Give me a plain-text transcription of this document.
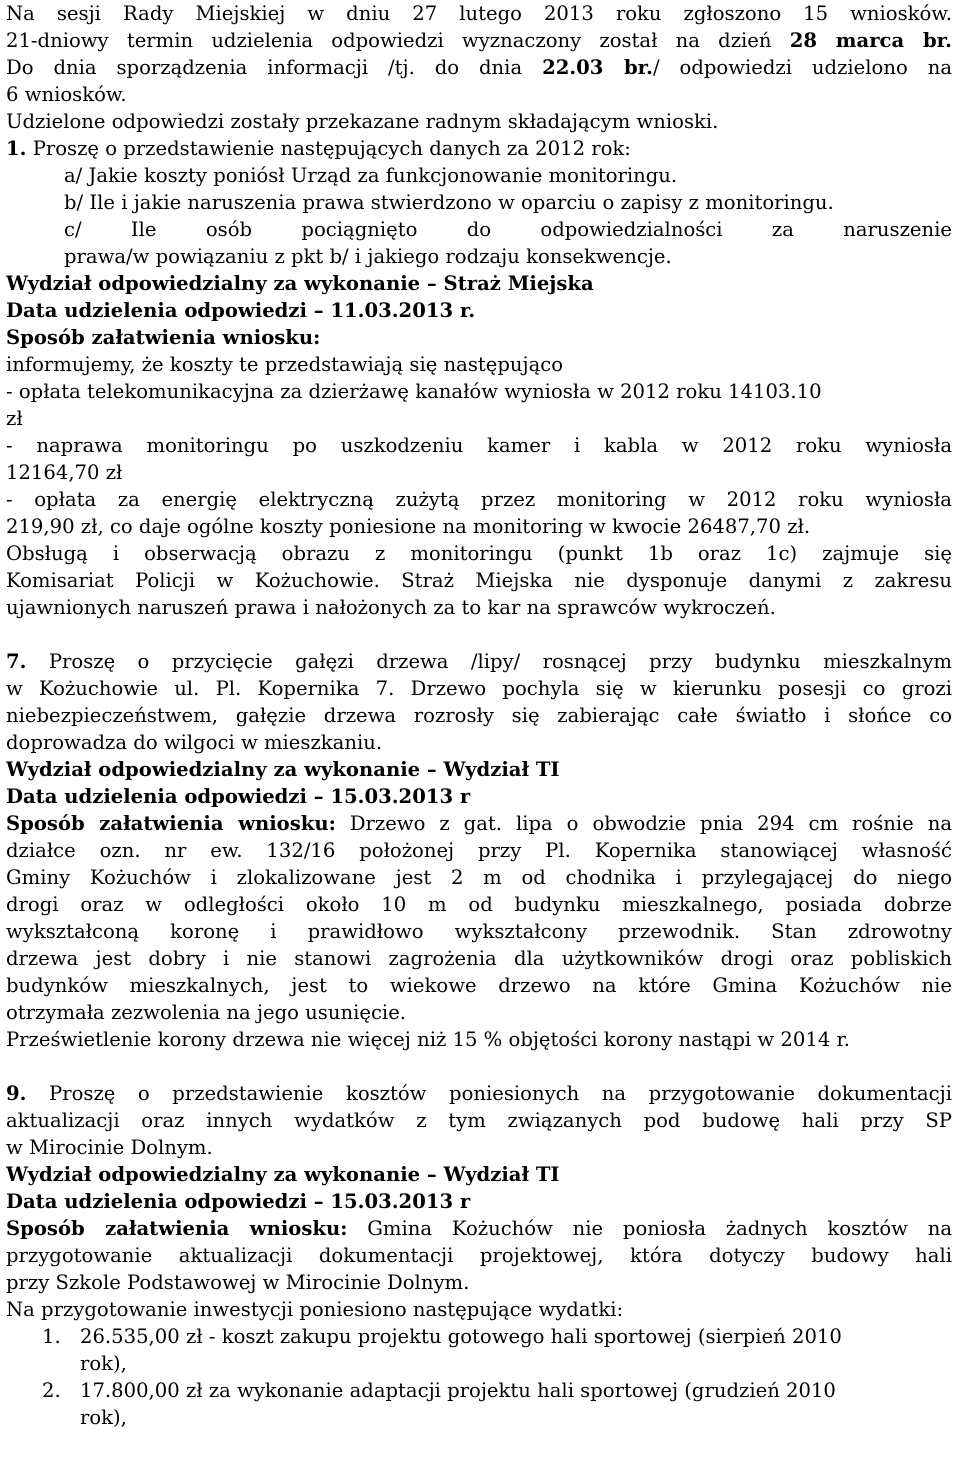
Na sesji Rady Miejskiej w dniu 27 lutego 2013 roku zgłoszono 15 wniosków.
21-dniowy termin udzielenia odpowiedzi wyznaczony został na dzień 28 marca br.
Do dnia sporządzenia informacji /tj. do dnia 22.03 br./ odpowiedzi udzielono na
6 wniosków.
Udzielone odpowiedzi zostały przekazane radnym składającym wnioski.
1. Proszę o przedstawienie następujących danych za 2012 rok:
a/ Jakie koszty poniósł Urząd za funkcjonowanie monitoringu.
b/ Ile i jakie naruszenia prawa stwierdzono w oparciu o zapisy z monitoringu.
c/ Ile osób pociągnięto do odpowiedzialności za naruszenie
prawa/w powiązaniu z pkt b/ i jakiego rodzaju konsekwencje.
Wydział odpowiedzialny za wykonanie – Straż Miejska
Data udzielenia odpowiedzi – 11.03.2013 r.
Sposób załatwienia wniosku:
informujemy, że koszty te przedstawiają się następująco
- opłata telekomunikacyjna za dzierżawę kanałów wyniosła w 2012 roku 14103.10
zł
- naprawa monitoringu po uszkodzeniu kamer i kabla w 2012 roku wyniosła
12164,70 zł
- opłata za energię elektryczną zużytą przez monitoring w 2012 roku wyniosła
219,90 zł, co daje ogólne koszty poniesione na monitoring w kwocie 26487,70 zł.
Obsługą i obserwacją obrazu z monitoringu (punkt 1b oraz 1c) zajmuje się
Komisariat Policji w Kożuchowie. Straż Miejska nie dysponuje danymi z zakresu
ujawnionych naruszeń prawa i nałożonych za to kar na sprawców wykroczeń.
7. Proszę o przycięcie gałęzi drzewa /lipy/ rosnącej przy budynku mieszkalnym
w Kożuchowie ul. Pl. Kopernika 7. Drzewo pochyla się w kierunku posesji co grozi
niebezpieczeństwem, gałęzie drzewa rozrosły się zabierając całe światło i słońce co
doprowadza do wilgoci w mieszkaniu.
Wydział odpowiedzialny za wykonanie – Wydział TI
Data udzielenia odpowiedzi – 15.03.2013 r
Sposób załatwienia wniosku: Drzewo z gat. lipa o obwodzie pnia 294 cm rośnie na
działce ozn. nr ew. 132/16 położonej przy Pl. Kopernika stanowiącej własność
Gminy Kożuchów i zlokalizowane jest 2 m od chodnika i przylegającej do niego
drogi oraz w odległości około 10 m od budynku mieszkalnego, posiada dobrze
wykształconą koronę i prawidłowo wykształcony przewodnik. Stan zdrowotny
drzewa jest dobry i nie stanowi zagrożenia dla użytkowników drogi oraz pobliskich
budynków mieszkalnych, jest to wiekowe drzewo na które Gmina Kożuchów nie
otrzymała zezwolenia na jego usunięcie.
Prześwietlenie korony drzewa nie więcej niż 15 % objętości korony nastąpi w 2014 r.
9. Proszę o przedstawienie kosztów poniesionych na przygotowanie dokumentacji
aktualizacji oraz innych wydatków z tym związanych pod budowę hali przy SP
w Mirocinie Dolnym.
Wydział odpowiedzialny za wykonanie – Wydział TI
Data udzielenia odpowiedzi – 15.03.2013 r
Sposób załatwienia wniosku: Gmina Kożuchów nie poniosła żadnych kosztów na
przygotowanie aktualizacji dokumentacji projektowej, która dotyczy budowy hali
przy Szkole Podstawowej w Mirocinie Dolnym.
Na przygotowanie inwestycji poniesiono następujące wydatki:
1. 26.535,00 zł - koszt zakupu projektu gotowego hali sportowej (sierpień 2010
rok),
2. 17.800,00 zł za wykonanie adaptacji projektu hali sportowej (grudzień 2010
rok),
